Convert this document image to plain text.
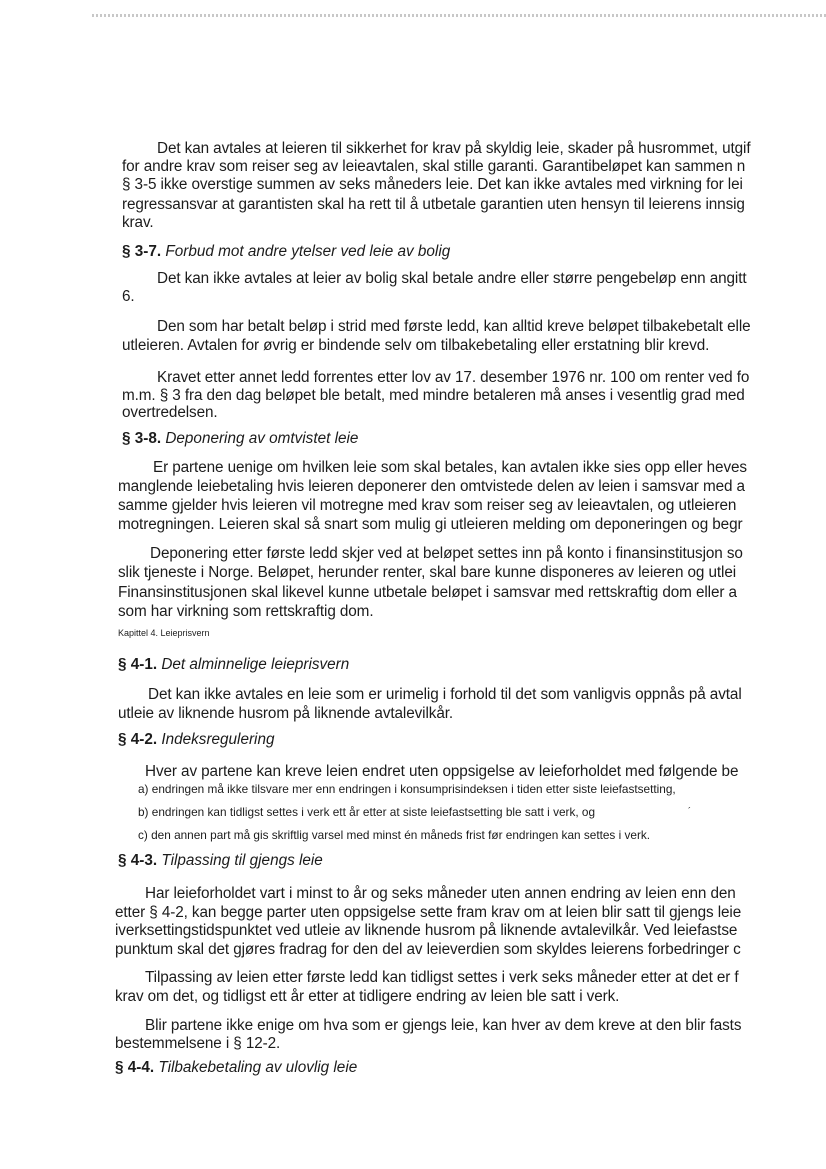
Det kan avtales at leieren til sikkerhet for krav på skyldig leie, skader på husrommet, utgif
for andre krav som reiser seg av leieavtalen, skal stille garanti. Garantibeløpet kan sammen n
§ 3-5 ikke overstige summen av seks måneders leie. Det kan ikke avtales med virkning for lei
regressansvar at garantisten skal ha rett til å utbetale garantien uten hensyn til leierens innsig
krav.
§ 3-7. Forbud mot andre ytelser ved leie av bolig
Det kan ikke avtales at leier av bolig skal betale andre eller større pengebeløp enn angitt
6.
Den som har betalt beløp i strid med første ledd, kan alltid kreve beløpet tilbakebetalt elle
utleieren. Avtalen for øvrig er bindende selv om tilbakebetaling eller erstatning blir krevd.
Kravet etter annet ledd forrentes etter lov av 17. desember 1976 nr. 100 om renter ved fo
m.m. § 3 fra den dag beløpet ble betalt, med mindre betaleren må anses i vesentlig grad med
overtredelsen.
§ 3-8. Deponering av omtvistet leie
Er partene uenige om hvilken leie som skal betales, kan avtalen ikke sies opp eller heves
manglende leiebetaling hvis leieren deponerer den omtvistede delen av leien i samsvar med a
samme gjelder hvis leieren vil motregne med krav som reiser seg av leieavtalen, og utleieren
motregningen. Leieren skal så snart som mulig gi utleieren melding om deponeringen og begr
Deponering etter første ledd skjer ved at beløpet settes inn på konto i finansinstitusjon so
slik tjeneste i Norge. Beløpet, herunder renter, skal bare kunne disponeres av leieren og utlei
Finansinstitusjonen skal likevel kunne utbetale beløpet i samsvar med rettskraftig dom eller a
som har virkning som rettskraftig dom.
Kapittel 4. Leieprisvern
§ 4-1. Det alminnelige leieprisvern
Det kan ikke avtales en leie som er urimelig i forhold til det som vanligvis oppnås på avtal
utleie av liknende husrom på liknende avtalevilkår.
§ 4-2. Indeksregulering
Hver av partene kan kreve leien endret uten oppsigelse av leieforholdet med følgende be
a) endringen må ikke tilsvare mer enn endringen i konsumprisindeksen i tiden etter siste leiefastsetting,
b) endringen kan tidligst settes i verk ett år etter at siste leiefastsetting ble satt i verk, og	´
c) den annen part må gis skriftlig varsel med minst én måneds frist før endringen kan settes i verk.
§ 4-3. Tilpassing til gjengs leie
Har leieforholdet vart i minst to år og seks måneder uten annen endring av leien enn den
etter § 4-2, kan begge parter uten oppsigelse sette fram krav om at leien blir satt til gjengs leie
iverksettingstidspunktet ved utleie av liknende husrom på liknende avtalevilkår. Ved leiefastse
punktum skal det gjøres fradrag for den del av leieverdien som skyldes leierens forbedringer c
Tilpassing av leien etter første ledd kan tidligst settes i verk seks måneder etter at det er f
krav om det, og tidligst ett år etter at tidligere endring av leien ble satt i verk.
Blir partene ikke enige om hva som er gjengs leie, kan hver av dem kreve at den blir fasts
bestemmelsene i § 12-2.
§ 4-4. Tilbakebetaling av ulovlig leie
